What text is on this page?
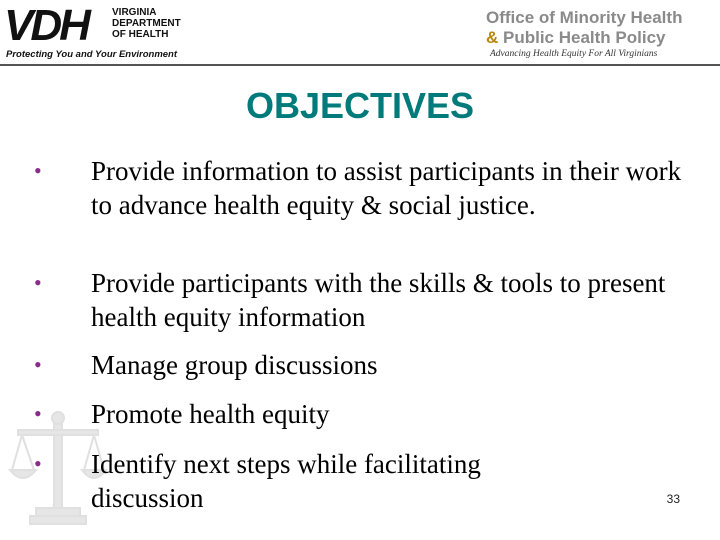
VDH VIRGINIA
DEPARTMENT
OF HEALTH
Protecting You and Your Environment
Office of Minority Health
& Public Health Policy
Advancing Health Equity For All Virginians
OBJECTIVES
• Provide information to assist participants in their work to advance health equity & social justice.
• Provide participants with the skills & tools to present health equity information
• Manage group discussions
• Promote health equity
• Identify next steps while facilitating discussion	33
